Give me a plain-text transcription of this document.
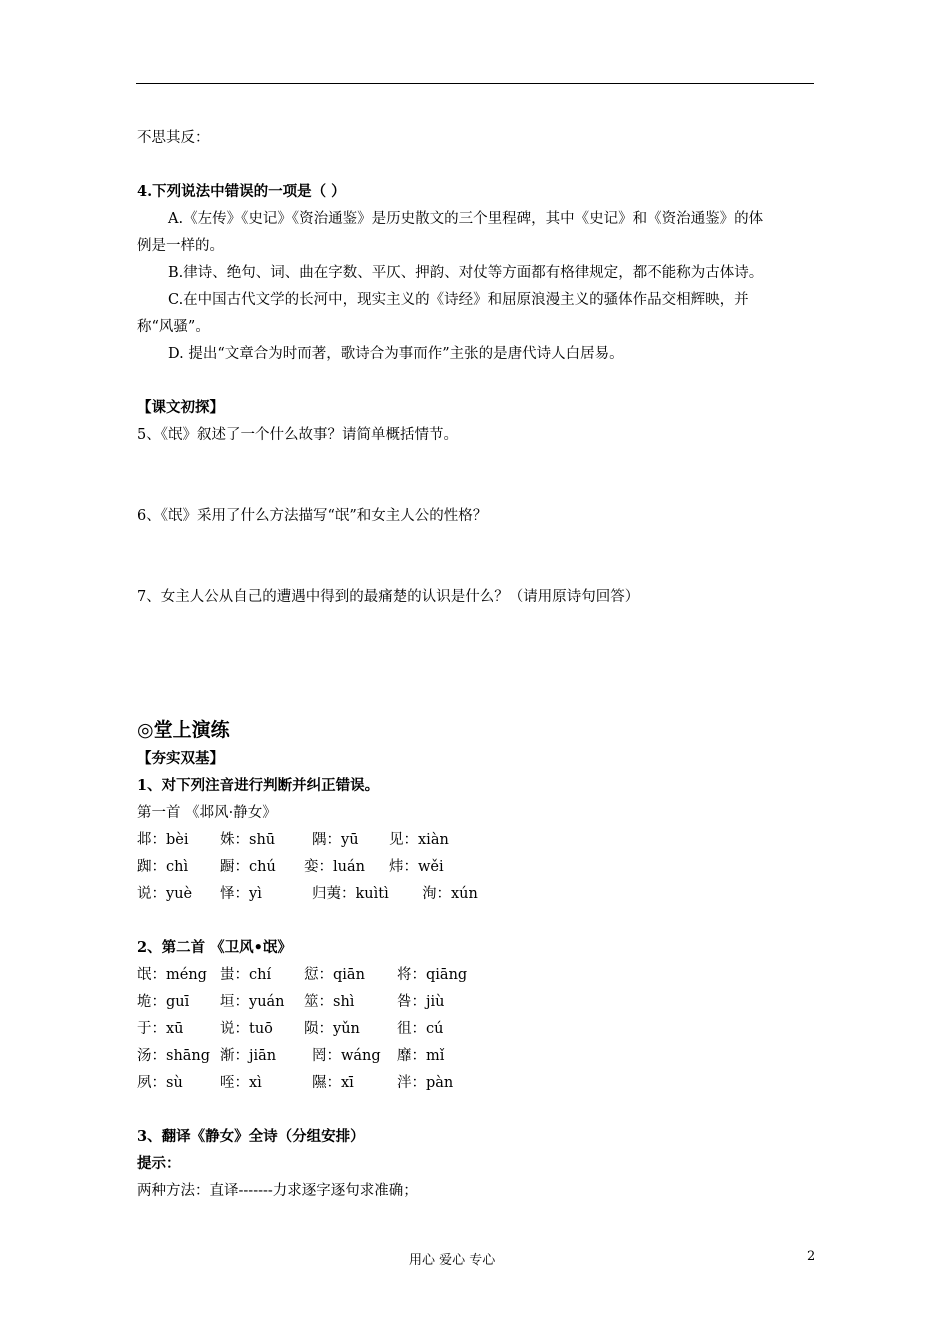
不思其反：
4.下列说法中错误的一项是（ ）
A.《左传》《史记》《资治通鉴》是历史散文的三个里程碑，其中《史记》和《资治通鉴》的体
例是一样的。
B.律诗、绝句、词、曲在字数、平仄、押韵、对仗等方面都有格律规定，都不能称为古体诗。
C.在中国古代文学的长河中，现实主义的《诗经》和屈原浪漫主义的骚体作品交相辉映，并
称“风骚”。
D. 提出“文章合为时而著，歌诗合为事而作”主张的是唐代诗人白居易。
【课文初探】
5、《氓》叙述了一个什么故事？请简单概括情节。
6、《氓》采用了什么方法描写“氓”和女主人公的性格？
7、女主人公从自己的遭遇中得到的最痛楚的认识是什么？（请用原诗句回答）
◎堂上演练
【夯实双基】
1、对下列注音进行判断并纠正错误。
第一首 《邶风·静女》
邶：bèi 姝：shū	隅：yū 见：xiàn
踟：chì 蹰：chú 娈：luán 炜：wěi
说：yuè 怿：yì	归荑：kuìtì 洵：xún
2、第二首 《卫风•氓》
氓：méng 蚩：chí 愆：qiān 将：qiāng
垝：guī 垣：yuán 筮：shì	咎：jiù
于：xū	说：tuō 陨：yǔn	徂：cú
汤：shāng 渐：jiān 罔：wáng 靡：mǐ
夙：sù	咥：xì	隰：xī	泮：pàn
3、翻译《静女》全诗（分组安排）
提示：
两种方法：直译-------力求逐字逐句求准确；
用心 爱心 专心	2
